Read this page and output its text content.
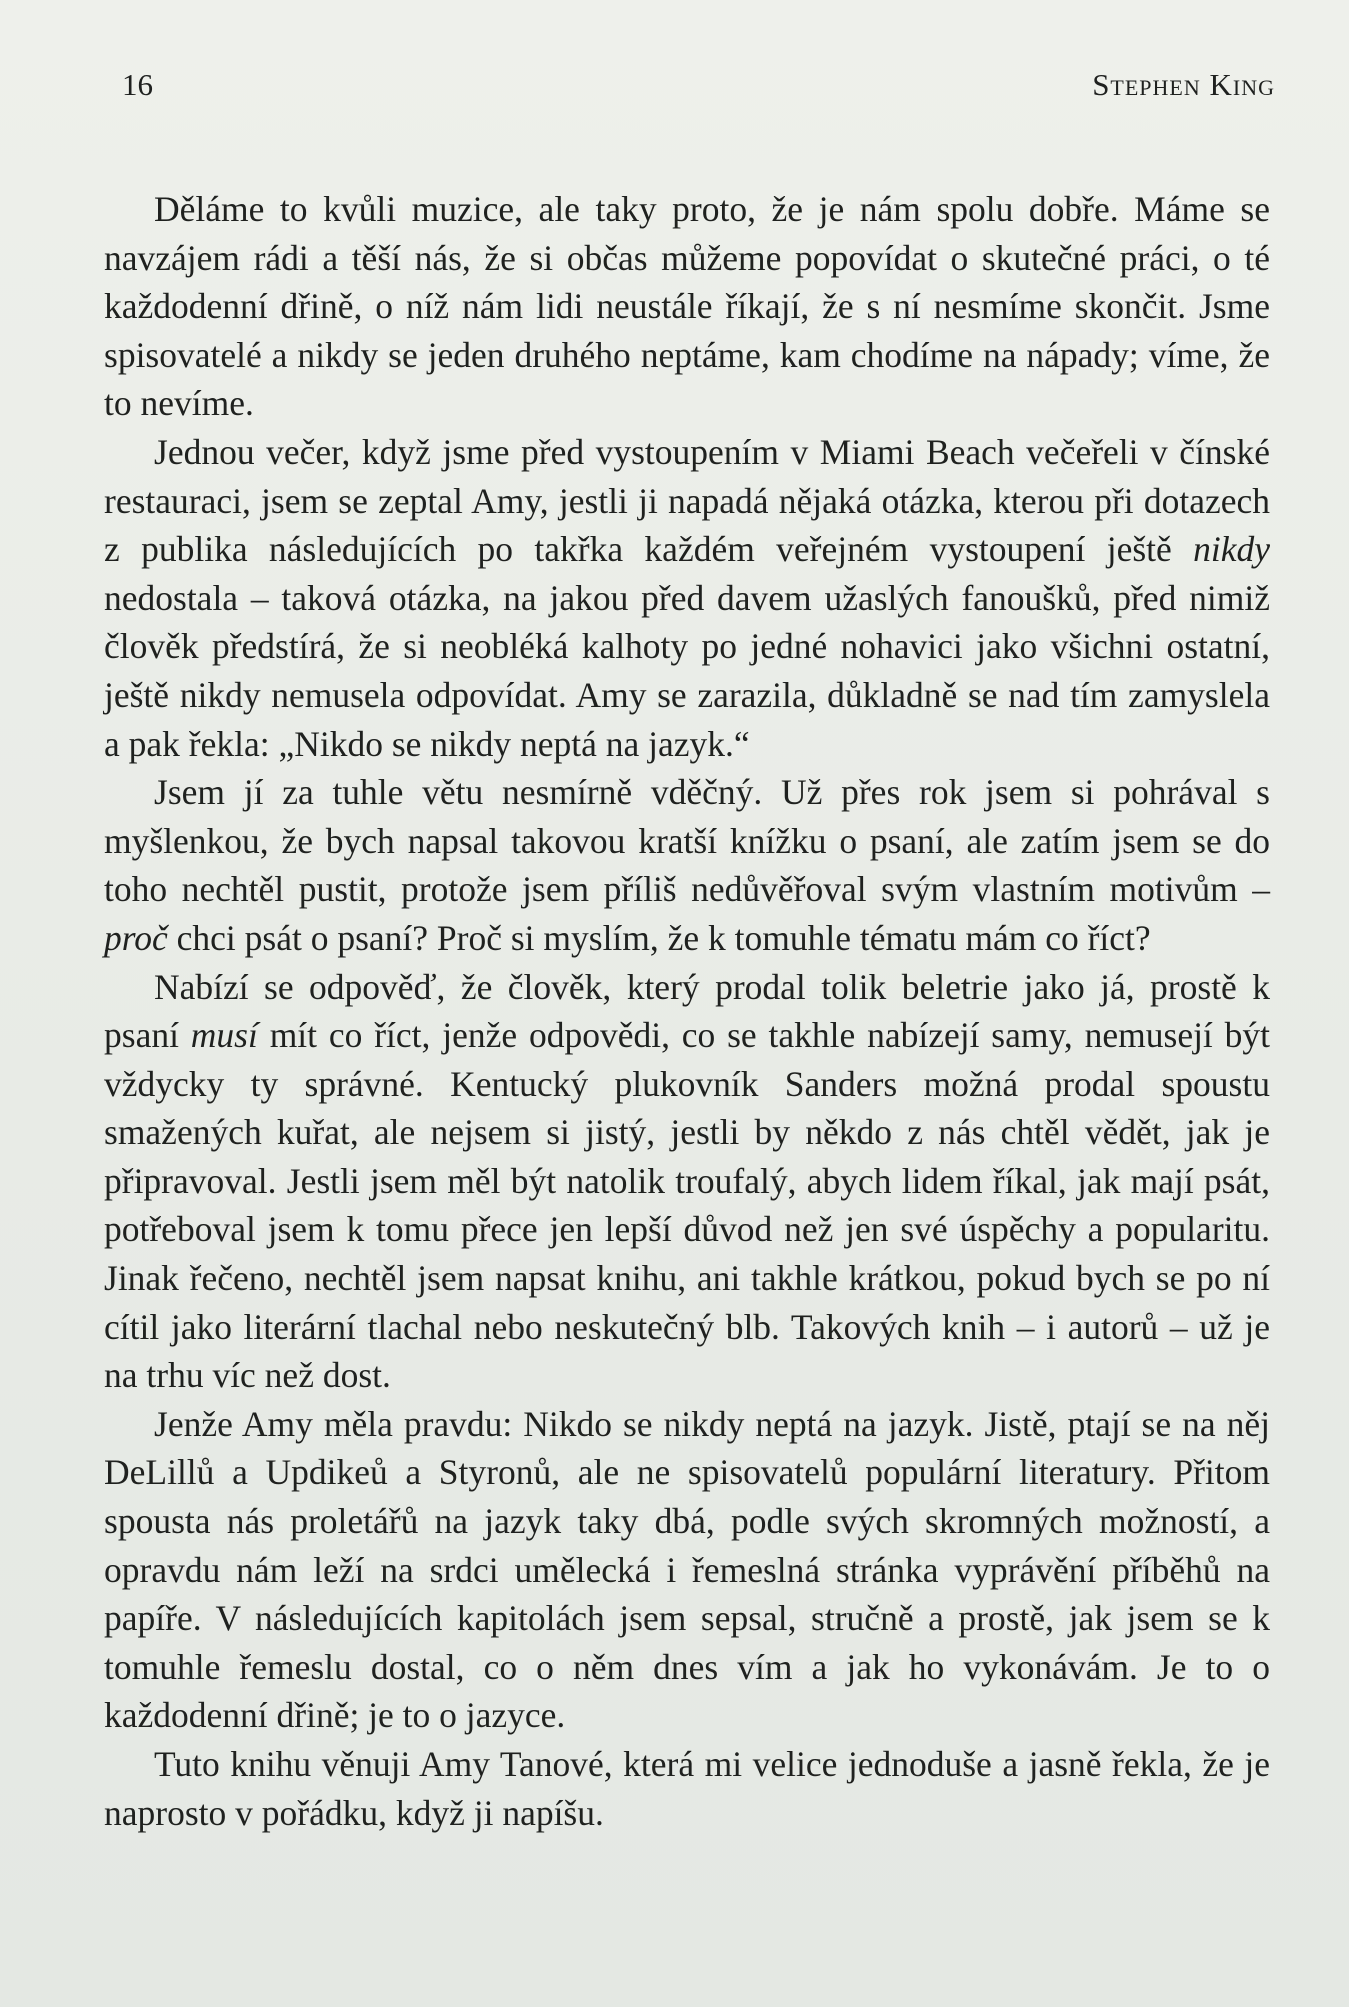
16	Stephen King

Děláme to kvůli muzice, ale taky proto, že je nám spolu dobře. Máme se navzájem rádi a těší nás, že si občas můžeme popovídat o skutečné práci, o té každodenní dřině, o níž nám lidi neustále říkají, že s ní nesmíme skončit. Jsme spisovatelé a nikdy se jeden druhého neptáme, kam chodíme na nápady; víme, že to nevíme.

Jednou večer, když jsme před vystoupením v Miami Beach večeřeli v čínské restauraci, jsem se zeptal Amy, jestli ji napadá nějaká otázka, kterou při dotazech z publika následujících po takřka každém veřejném vystoupení ještě nikdy nedostala – taková otázka, na jakou před davem užaslých fanoušků, před nimiž člověk předstírá, že si neobléká kalhoty po jedné nohavici jako všichni ostatní, ještě nikdy nemusela odpovídat. Amy se zarazila, důkladně se nad tím zamyslela a pak řekla: „Nikdo se nikdy neptá na jazyk.“

Jsem jí za tuhle větu nesmírně vděčný. Už přes rok jsem si pohrával s myšlenkou, že bych napsal takovou kratší knížku o psaní, ale zatím jsem se do toho nechtěl pustit, protože jsem příliš nedůvěřoval svým vlastním motivům – proč chci psát o psaní? Proč si myslím, že k tomuhle tématu mám co říct?

Nabízí se odpověď, že člověk, který prodal tolik beletrie jako já, prostě k psaní musí mít co říct, jenže odpovědi, co se takhle nabízejí samy, nemusejí být vždycky ty správné. Kentucký plukovník Sanders možná prodal spoustu smažených kuřat, ale nejsem si jistý, jestli by někdo z nás chtěl vědět, jak je připravoval. Jestli jsem měl být natolik troufalý, abych lidem říkal, jak mají psát, potřeboval jsem k tomu přece jen lepší důvod než jen své úspěchy a popularitu. Jinak řečeno, nechtěl jsem napsat knihu, ani takhle krátkou, pokud bych se po ní cítil jako literární tlachal nebo neskutečný blb. Takových knih – i autorů – už je na trhu víc než dost.

Jenže Amy měla pravdu: Nikdo se nikdy neptá na jazyk. Jistě, ptají se na něj DeLillů a Updikeů a Styronů, ale ne spisovatelů populární literatury. Přitom spousta nás proletářů na jazyk taky dbá, podle svých skromných možností, a opravdu nám leží na srdci umělecká i řemeslná stránka vyprávění příběhů na papíře. V následujících kapitolách jsem sepsal, stručně a prostě, jak jsem se k tomuhle řemeslu dostal, co o něm dnes vím a jak ho vykonávám. Je to o každodenní dřině; je to o jazyce.

Tuto knihu věnuji Amy Tanové, která mi velice jednoduše a jasně řekla, že je naprosto v pořádku, když ji napíšu.
